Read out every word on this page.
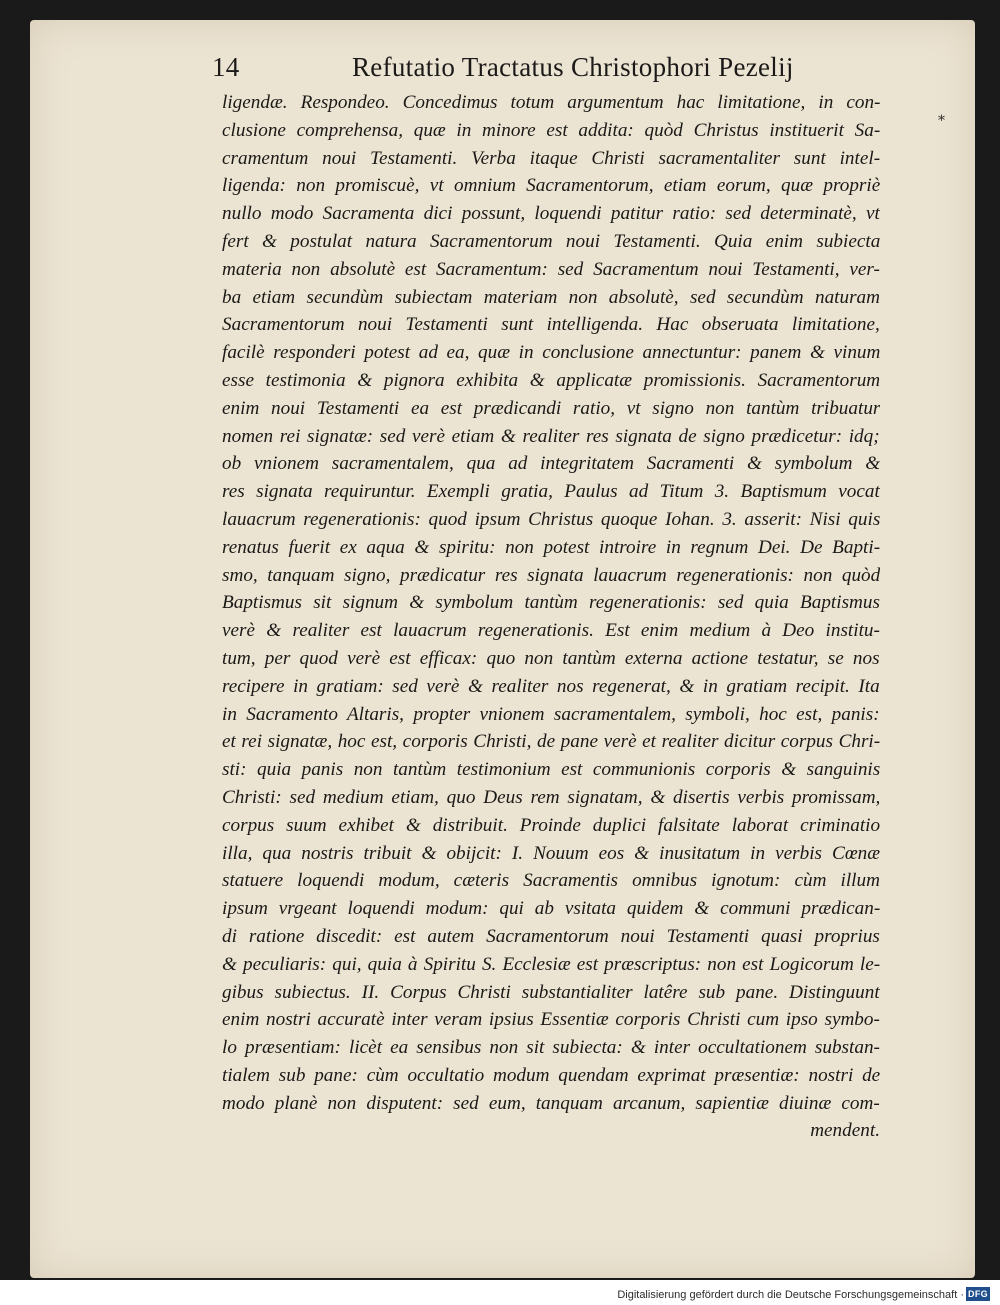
14	Refutatio Tractatus Christophori Pezelij
*
ligendæ. Respondeo. Concedimus totum argumentum hac limitatione, in con-
clusione comprehensa, quæ in minore est addita: quòd Christus instituerit Sa-
cramentum noui Testamenti. Verba itaque Christi sacramentaliter sunt intel-
ligenda: non promiscuè, vt omnium Sacramentorum, etiam eorum, quæ propriè
nullo modo Sacramenta dici possunt, loquendi patitur ratio: sed determinatè, vt
fert & postulat natura Sacramentorum noui Testamenti. Quia enim subiecta
materia non absolutè est Sacramentum: sed Sacramentum noui Testamenti, ver-
ba etiam secundùm subiectam materiam non absolutè, sed secundùm naturam
Sacramentorum noui Testamenti sunt intelligenda. Hac obseruata limitatione,
facilè responderi potest ad ea, quæ in conclusione annectuntur: panem & vinum
esse testimonia & pignora exhibita & applicatæ promissionis. Sacramentorum
enim noui Testamenti ea est prædicandi ratio, vt signo non tantùm tribuatur
nomen rei signatæ: sed verè etiam & realiter res signata de signo prædicetur: idq;
ob vnionem sacramentalem, qua ad integritatem Sacramenti & symbolum &
res signata requiruntur. Exempli gratia, Paulus ad Titum 3. Baptismum vocat
lauacrum regenerationis: quod ipsum Christus quoque Iohan. 3. asserit: Nisi quis
renatus fuerit ex aqua & spiritu: non potest introire in regnum Dei. De Bapti-
smo, tanquam signo, prædicatur res signata lauacrum regenerationis: non quòd
Baptismus sit signum & symbolum tantùm regenerationis: sed quia Baptismus
verè & realiter est lauacrum regenerationis. Est enim medium à Deo institu-
tum, per quod verè est efficax: quo non tantùm externa actione testatur, se nos
recipere in gratiam: sed verè & realiter nos regenerat, & in gratiam recipit. Ita
in Sacramento Altaris, propter vnionem sacramentalem, symboli, hoc est, panis:
et rei signatæ, hoc est, corporis Christi, de pane verè et realiter dicitur corpus Chri-
sti: quia panis non tantùm testimonium est communionis corporis & sanguinis
Christi: sed medium etiam, quo Deus rem signatam, & disertis verbis promissam,
corpus suum exhibet & distribuit. Proinde duplici falsitate laborat criminatio
illa, qua nostris tribuit & obijcit: I. Nouum eos & inusitatum in verbis Cœnæ
statuere loquendi modum, cæteris Sacramentis omnibus ignotum: cùm illum
ipsum vrgeant loquendi modum: qui ab vsitata quidem & communi prædican-
di ratione discedit: est autem Sacramentorum noui Testamenti quasi proprius
& peculiaris: qui, quia à Spiritu S. Ecclesiæ est præscriptus: non est Logicorum le-
gibus subiectus. II. Corpus Christi substantialiter latêre sub pane. Distinguunt
enim nostri accuratè inter veram ipsius Essentiæ corporis Christi cum ipso symbo-
lo præsentiam: licèt ea sensibus non sit subiecta: & inter occultationem substan-
tialem sub pane: cùm occultatio modum quendam exprimat præsentiæ: nostri de
modo planè non disputent: sed eum, tanquam arcanum, sapientiæ diuinæ com-
mendent.
Digitalisierung gefördert durch die Deutsche Forschungsgemeinschaft · DFG
